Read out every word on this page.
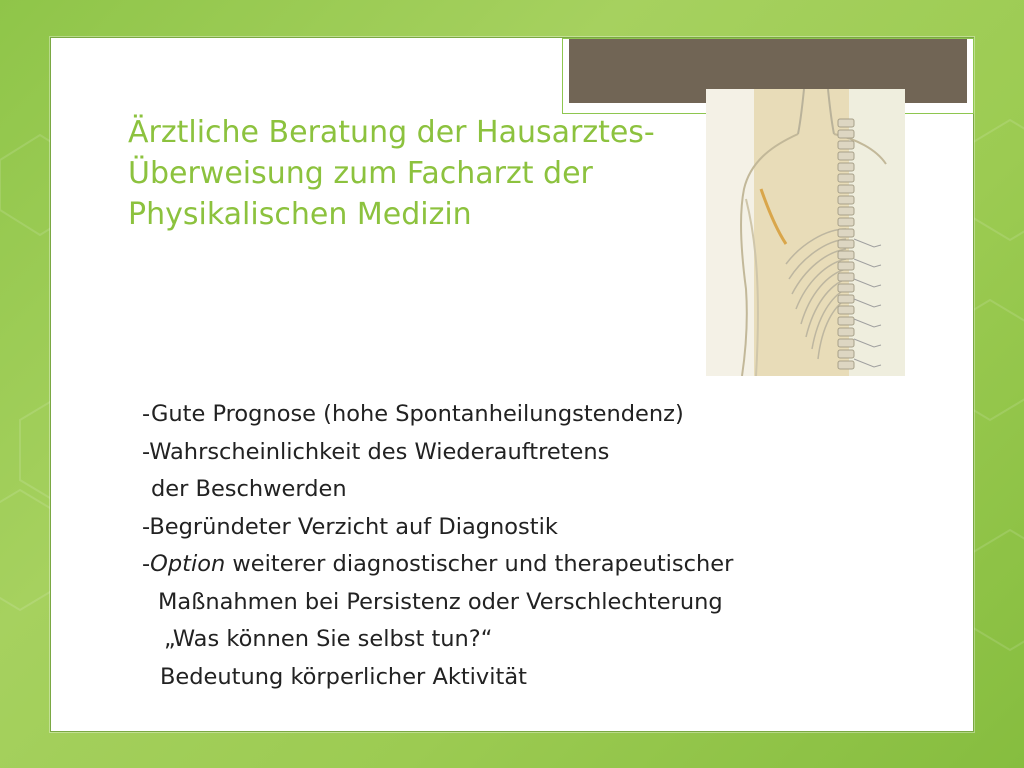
Ärztliche Beratung der Hausarztes-
Überweisung zum Facharzt der
Physikalischen Medizin
-Gute Prognose (hohe Spontanheilungstendenz)
-Wahrscheinlichkeit des Wiederauftretens
der Beschwerden
-Begründeter Verzicht auf Diagnostik
-Option weiterer diagnostischer und therapeutischer
Maßnahmen bei Persistenz oder Verschlechterung
„Was können Sie selbst tun?“
Bedeutung körperlicher Aktivität
